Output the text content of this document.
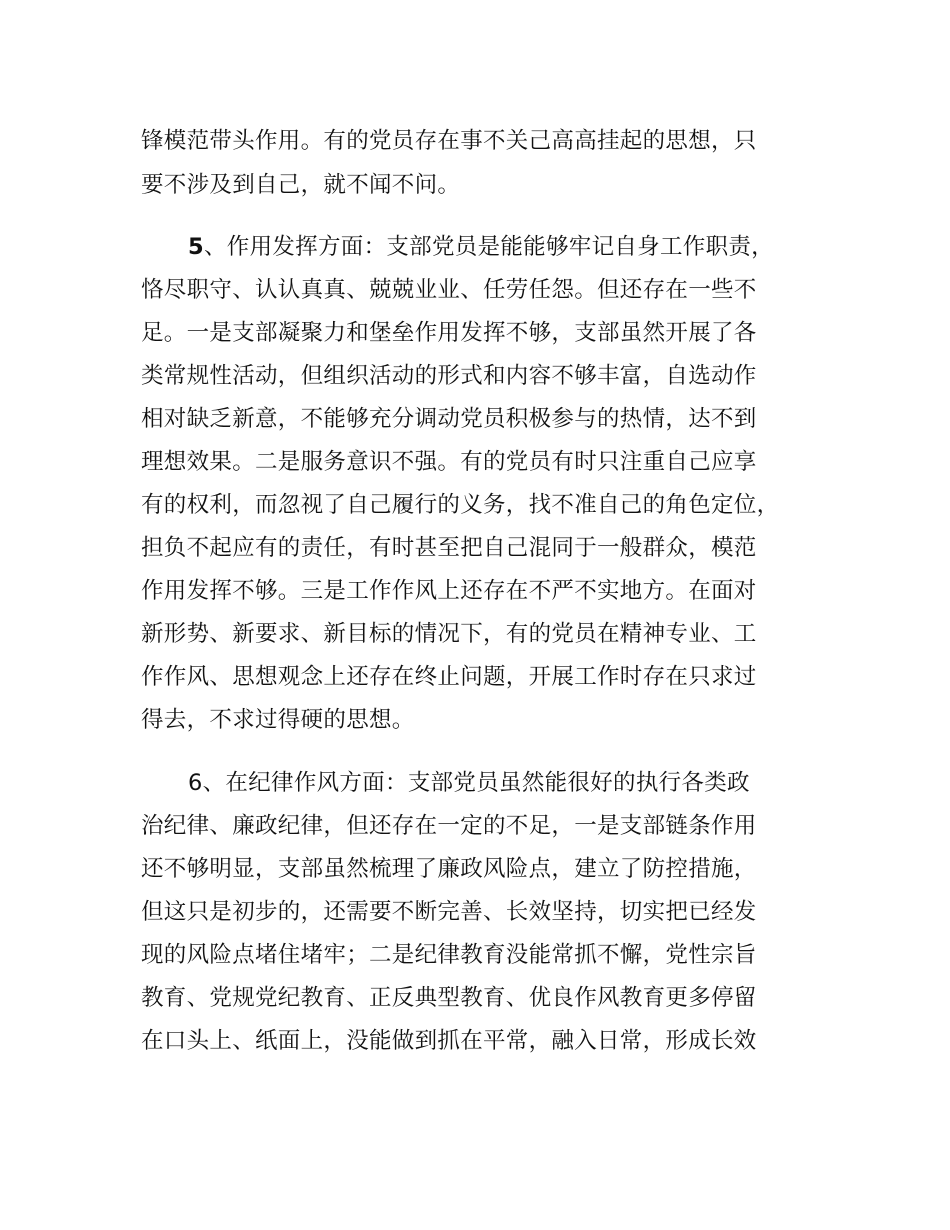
锋模范带头作用。有的党员存在事不关己高高挂起的思想，只
要不涉及到自己，就不闻不问。
5、作用发挥方面：支部党员是能能够牢记自身工作职责，
恪尽职守、认认真真、兢兢业业、任劳任怨。但还存在一些不
足。一是支部凝聚力和堡垒作用发挥不够，支部虽然开展了各
类常规性活动，但组织活动的形式和内容不够丰富，自选动作
相对缺乏新意，不能够充分调动党员积极参与的热情，达不到
理想效果。二是服务意识不强。有的党员有时只注重自己应享
有的权利，而忽视了自己履行的义务，找不准自己的角色定位，
担负不起应有的责任，有时甚至把自己混同于一般群众，模范
作用发挥不够。三是工作作风上还存在不严不实地方。在面对
新形势、新要求、新目标的情况下，有的党员在精神专业、工
作作风、思想观念上还存在终止问题，开展工作时存在只求过
得去，不求过得硬的思想。
6、在纪律作风方面：支部党员虽然能很好的执行各类政
治纪律、廉政纪律，但还存在一定的不足，一是支部链条作用
还不够明显，支部虽然梳理了廉政风险点，建立了防控措施，
但这只是初步的，还需要不断完善、长效坚持，切实把已经发
现的风险点堵住堵牢；二是纪律教育没能常抓不懈，党性宗旨
教育、党规党纪教育、正反典型教育、优良作风教育更多停留
在口头上、纸面上，没能做到抓在平常，融入日常，形成长效
